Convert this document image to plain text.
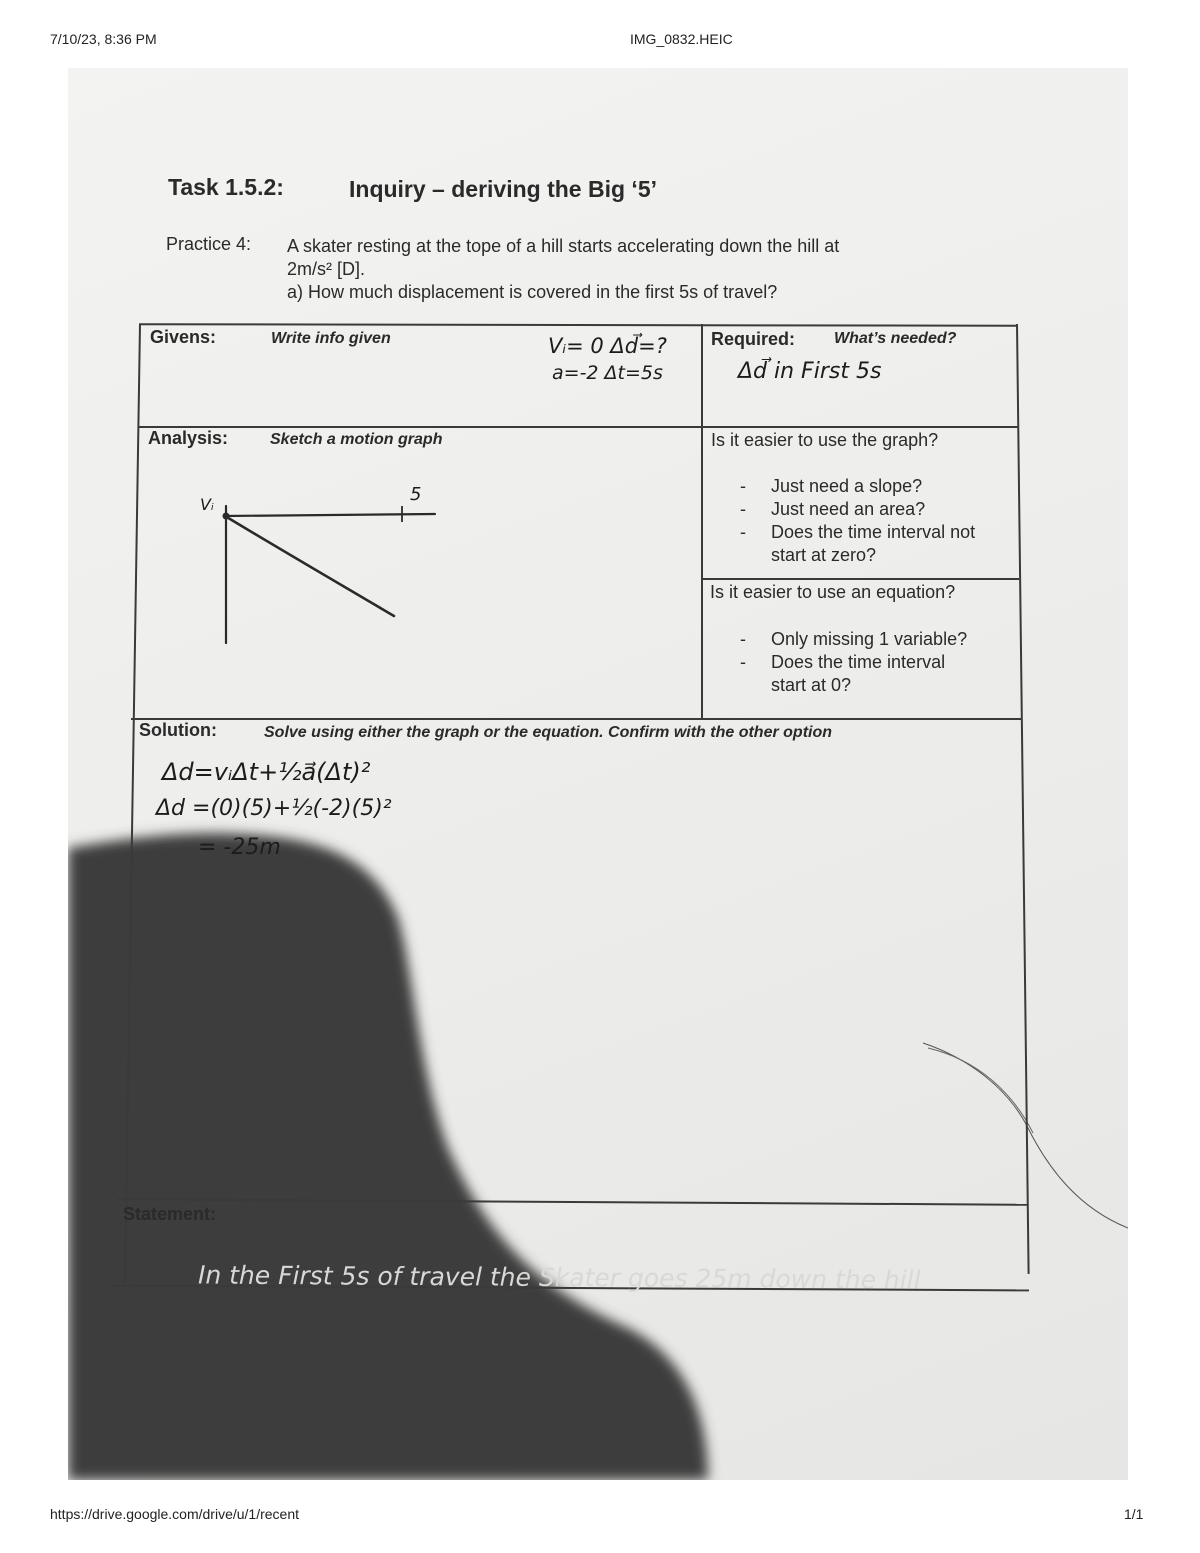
7/10/23, 8:36 PM	IMG_0832.HEIC
Task 1.5.2:	Inquiry – deriving the Big ‘5’
Practice 4: A skater resting at the tope of a hill starts accelerating down the hill at
2m/s² [D].
a) How much displacement is covered in the first 5s of travel?
Givens:	Write info given	Vᵢ= 0 Δd⃗=?
a=-2 Δt=5s
Required: What’s needed?
Δd⃗ in First 5s
Analysis:	Sketch a motion graph
Vᵢ	5
Is it easier to use the graph?
- Just need a slope?
- Just need an area?
- Does the time interval not
start at zero?
Is it easier to use an equation?
- Only missing 1 variable?
- Does the time interval
start at 0?
Solution:	Solve using either the graph or the equation. Confirm with the other option
Δd=vᵢΔt+½a⃗(Δt)²
Δd =(0)(5)+½(-2)(5)²
= -25m
Statement:
In the First 5s of travel the Skater goes 25m down the hill
https://drive.google.com/drive/u/1/recent	1/1
